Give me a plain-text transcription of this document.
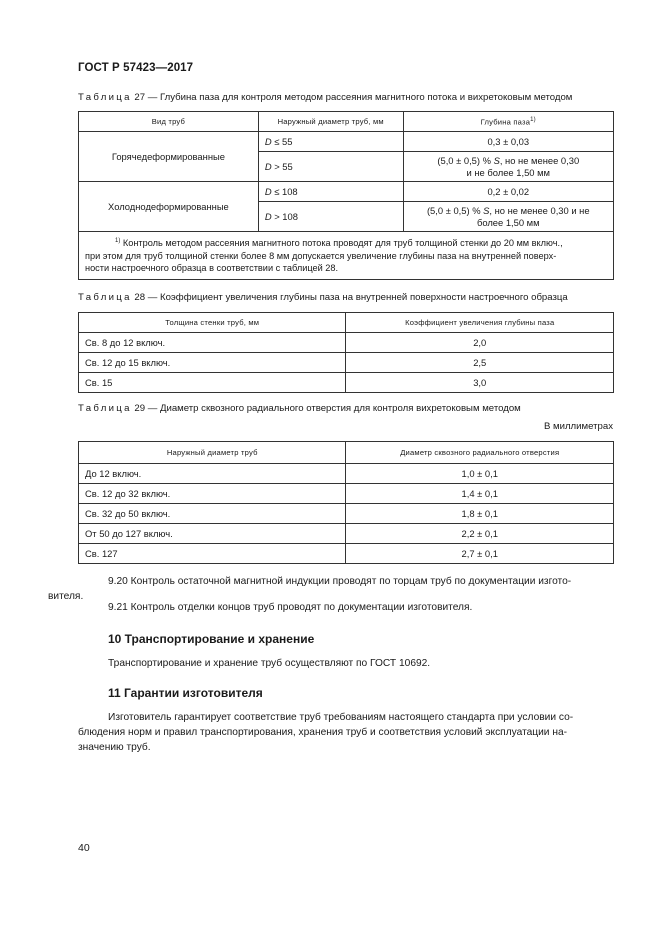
ГОСТ Р 57423—2017
Таблица 27 — Глубина паза для контроля методом рассеяния магнитного потока и вихретоковым методом
Вид труб	Наружный диаметр труб, мм	Глубина паза$^{1)}$
Горячедеформированные	D ≤ 55	0,3 ± 0,03
	D > 55	(5,0 ± 0,5) % S, но не менее 0,30
и не более 1,50 мм
Холоднодеформированные	D ≤ 108	0,2 ± 0,02
	D > 108	(5,0 ± 0,5) % S, но не менее 0,30 и не
более 1,50 мм
$^{1)}$ Контроль методом рассеяния магнитного потока проводят для труб толщиной стенки до 20 мм включ.,
при этом для труб толщиной стенки более 8 мм допускается увеличение глубины паза на внутренней поверх-
ности настроечного образца в соответствии с таблицей 28.		
Таблица 28 — Коэффициент увеличения глубины паза на внутренней поверхности настроечного образца
Толщина стенки труб, мм	Коэффициент увеличения глубины паза
Св. 8 до 12 включ.	2,0
Св. 12 до 15 включ.	2,5
Св. 15	3,0
Таблица 29 — Диаметр сквозного радиального отверстия для контроля вихретоковым методом
В миллиметрах
Наружный диаметр труб	Диаметр сквозного радиального отверстия
До 12 включ.	1,0 ± 0,1
Св. 12 до 32 включ.	1,4 ± 0,1
Св. 32 до 50 включ.	1,8 ± 0,1
От 50 до 127 включ.	2,2 ± 0,1
Св. 127	2,7 ± 0,1
9.20 Контроль остаточной магнитной индукции проводят по торцам труб по документации изгото-
вителя.
9.21 Контроль отделки концов труб проводят по документации изготовителя.
10 Транспортирование и хранение
Транспортирование и хранение труб осуществляют по ГОСТ 10692.
11 Гарантии изготовителя
Изготовитель гарантирует соответствие труб требованиям настоящего стандарта при условии со-
блюдения норм и правил транспортирования, хранения труб и соответствия условий эксплуатации на-
значению труб.
40
